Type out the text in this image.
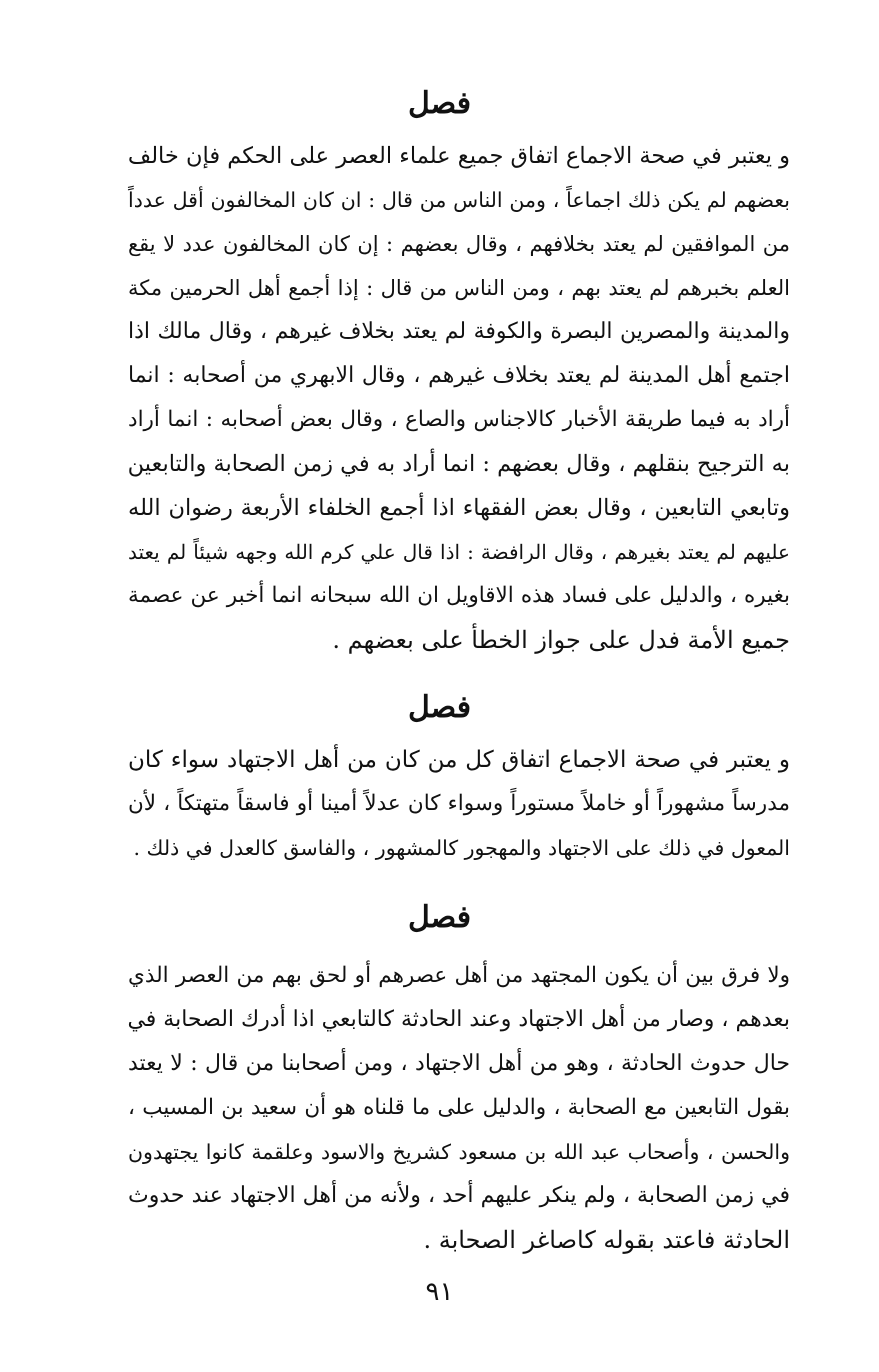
فصل
و يعتبر في صحة الاجماع اتفاق جميع علماء العصر على الحكم فإن خالف
بعضهم لم يكن ذلك اجماعاً ، ومن الناس من قال : ان كان المخالفون أقل عدداً
من الموافقين لم يعتد بخلافهم ، وقال بعضهم : إن كان المخالفون عدد لا يقع
العلم بخبرهم لم يعتد بهم ، ومن الناس من قال : إذا أجمع أهل الحرمين مكة
والمدينة والمصرين البصرة والكوفة لم يعتد بخلاف غيرهم ، وقال مالك اذا
اجتمع أهل المدينة لم يعتد بخلاف غيرهم ، وقال الابهري من أصحابه : انما
أراد به فيما طريقة الأخبار كالاجناس والصاع ، وقال بعض أصحابه : انما أراد
به الترجيح بنقلهم ، وقال بعضهم : انما أراد به في زمن الصحابة والتابعين
وتابعي التابعين ، وقال بعض الفقهاء اذا أجمع الخلفاء الأربعة رضوان الله
عليهم لم يعتد بغيرهم ، وقال الرافضة : اذا قال علي كرم الله وجهه شيئاً لم يعتد
بغيره ، والدليل على فساد هذه الاقاويل ان الله سبحانه انما أخبر عن عصمة
جميع الأمة فدل على جواز الخطأ على بعضهم .
فصل
و يعتبر في صحة الاجماع اتفاق كل من كان من أهل الاجتهاد سواء كان
مدرساً مشهوراً أو خاملاً مستوراً وسواء كان عدلاً أمينا أو فاسقاً متهتكاً ، لأن
المعول في ذلك على الاجتهاد والمهجور كالمشهور ، والفاسق كالعدل في ذلك .
فصل
ولا فرق بين أن يكون المجتهد من أهل عصرهم أو لحق بهم من العصر الذي
بعدهم ، وصار من أهل الاجتهاد وعند الحادثة كالتابعي اذا أدرك الصحابة في
حال حدوث الحادثة ، وهو من أهل الاجتهاد ، ومن أصحابنا من قال : لا يعتد
بقول التابعين مع الصحابة ، والدليل على ما قلناه هو أن سعيد بن المسيب ،
والحسن ، وأصحاب عبد الله بن مسعود كشريخ والاسود وعلقمة كانوا يجتهدون
في زمن الصحابة ، ولم ينكر عليهم أحد ، ولأنه من أهل الاجتهاد عند حدوث
الحادثة فاعتد بقوله كاصاغر الصحابة .
٩١
